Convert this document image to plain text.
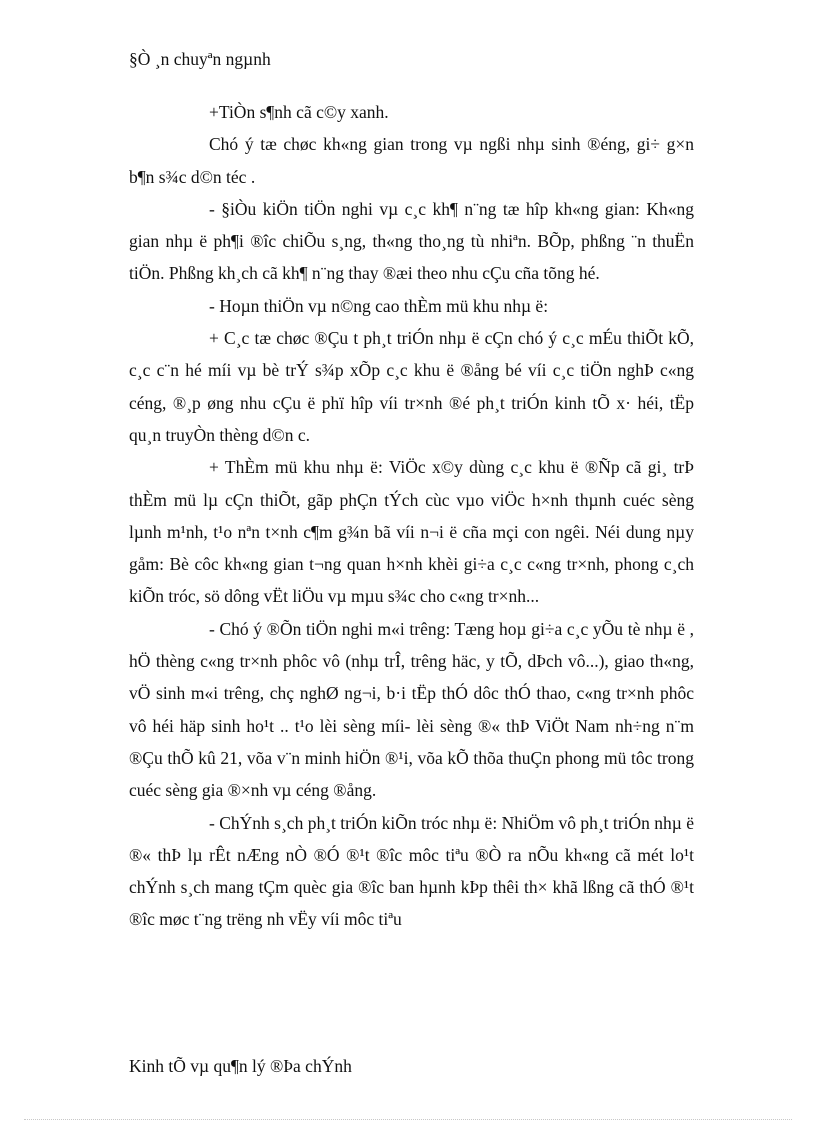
§Ò ¸n chuyªn ngµnh

+TiÒn s¶nh cã c©y xanh.

Chó ý tæ chøc kh«ng gian trong vµ ngßi nhµ sinh ®éng, gi÷ g×n b¶n s¾c d©n téc .

- §iÒu kiÖn tiÖn nghi vµ c¸c kh¶ n¨ng tæ hîp kh«ng gian: Kh«ng gian nhµ ë ph¶i ®îc chiÕu s¸ng, th«ng tho¸ng tù nhiªn. BÕp, phßng ¨n thuËn tiÖn. Phßng kh¸ch cã kh¶ n¨ng thay ®æi theo nhu cÇu cña tõng hé.

- Hoµn thiÖn vµ n©ng cao thÈm mü khu nhµ ë:

+ C¸c tæ chøc ®Çu t ph¸t triÓn nhµ ë cÇn chó ý c¸c mÉu thiÕt kÕ, c¸c c¨n hé míi vµ bè trÝ s¾p xÕp c¸c khu ë ®ång bé víi c¸c tiÖn nghÞ c«ng céng, ®¸p øng nhu cÇu ë phï hîp víi tr×nh ®é ph¸t triÓn kinh tÕ x· héi, tËp qu¸n truyÒn thèng d©n c.

+ ThÈm mü khu nhµ ë: ViÖc x©y dùng c¸c khu ë ®Ñp cã gi¸ trÞ thÈm mü lµ cÇn thiÕt, gãp phÇn tÝch cùc vµo viÖc h×nh thµnh cuéc sèng lµnh m¹nh, t¹o nªn t×nh c¶m g¾n bã víi n¬i ë cña mçi con ngêi. Néi dung nµy gåm: Bè côc kh«ng gian t¬ng quan h×nh khèi gi÷a c¸c c«ng tr×nh, phong c¸ch kiÕn tróc, sö dông vËt liÖu vµ mµu s¾c cho c«ng tr×nh...

- Chó ý ®Õn tiÖn nghi m«i trêng: Tæng hoµ gi÷a c¸c yÕu tè nhµ ë , hÖ thèng c«ng tr×nh phôc vô (nhµ trÎ, trêng häc, y tÕ, dÞch vô...), giao th«ng, vÖ sinh m«i trêng, chç nghØ ng¬i, b·i tËp thÓ dôc thÓ thao, c«ng tr×nh phôc vô héi häp sinh ho¹t .. t¹o lèi sèng míi- lèi sèng ®« thÞ ViÖt Nam nh÷ng n¨m ®Çu thÕ kû 21, võa v¨n minh hiÖn ®¹i, võa kÕ thõa thuÇn phong mü tôc trong cuéc sèng gia ®×nh vµ céng ®ång.

- ChÝnh s¸ch ph¸t triÓn kiÕn tróc nhµ ë: NhiÖm vô ph¸t triÓn nhµ ë ®« thÞ lµ rÊt nÆng nÒ ®Ó ®¹t ®îc môc tiªu ®Ò ra nÕu kh«ng cã mét lo¹t chÝnh s¸ch mang tÇm quèc gia ®îc ban hµnh kÞp thêi th× khã lßng cã thÓ ®¹t ®îc møc t¨ng trëng nh vËy víi môc tiªu

Kinh tÕ vµ qu¶n lý ®Þa chÝnh
